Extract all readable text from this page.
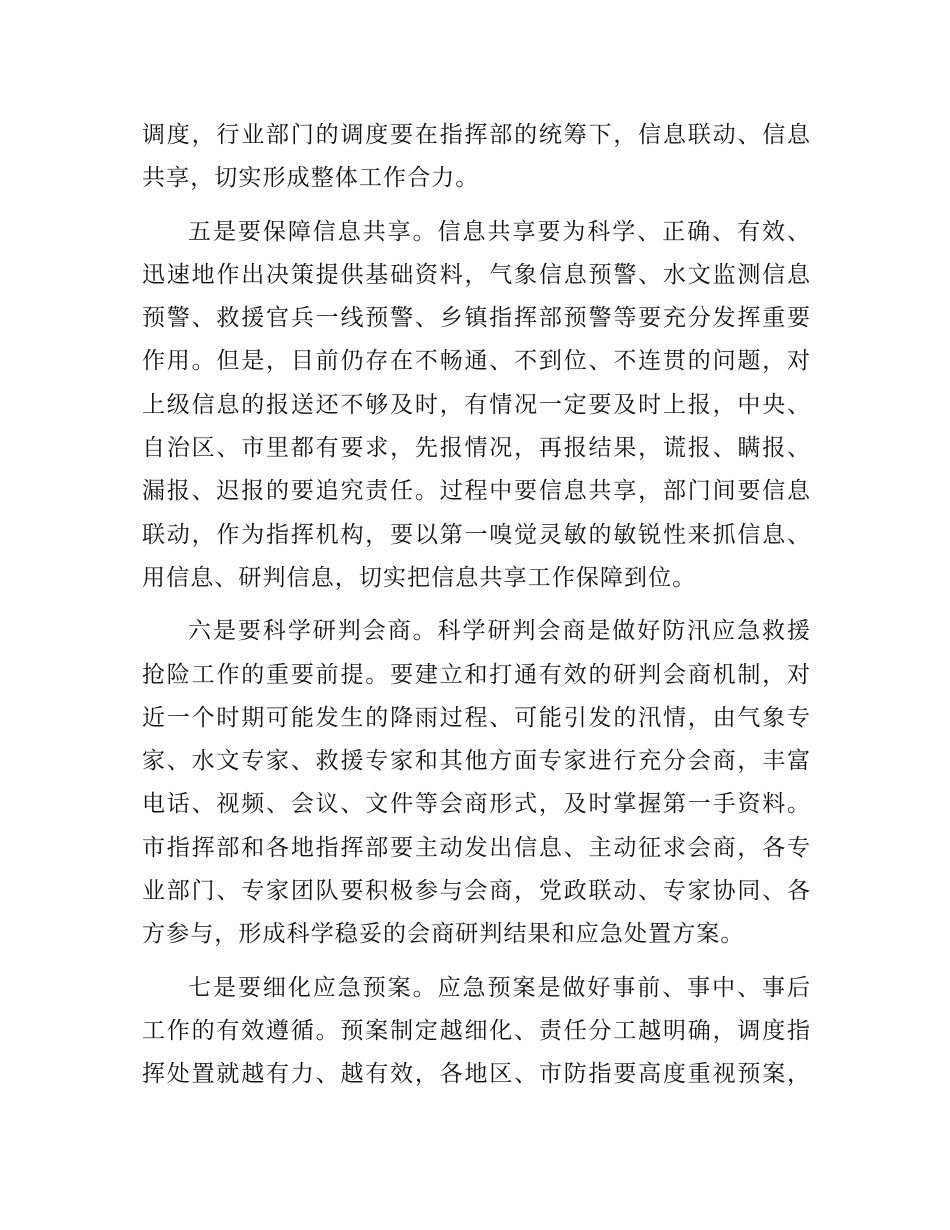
调度，行业部门的调度要在指挥部的统筹下，信息联动、信息
共享，切实形成整体工作合力。
五是要保障信息共享。信息共享要为科学、正确、有效、
迅速地作出决策提供基础资料，气象信息预警、水文监测信息
预警、救援官兵一线预警、乡镇指挥部预警等要充分发挥重要
作用。但是，目前仍存在不畅通、不到位、不连贯的问题，对
上级信息的报送还不够及时，有情况一定要及时上报，中央、
自治区、市里都有要求，先报情况，再报结果，谎报、瞒报、
漏报、迟报的要追究责任。过程中要信息共享，部门间要信息
联动，作为指挥机构，要以第一嗅觉灵敏的敏锐性来抓信息、
用信息、研判信息，切实把信息共享工作保障到位。
六是要科学研判会商。科学研判会商是做好防汛应急救援
抢险工作的重要前提。要建立和打通有效的研判会商机制，对
近一个时期可能发生的降雨过程、可能引发的汛情，由气象专
家、水文专家、救援专家和其他方面专家进行充分会商，丰富
电话、视频、会议、文件等会商形式，及时掌握第一手资料。
市指挥部和各地指挥部要主动发出信息、主动征求会商，各专
业部门、专家团队要积极参与会商，党政联动、专家协同、各
方参与，形成科学稳妥的会商研判结果和应急处置方案。
七是要细化应急预案。应急预案是做好事前、事中、事后
工作的有效遵循。预案制定越细化、责任分工越明确，调度指
挥处置就越有力、越有效，各地区、市防指要高度重视预案，
